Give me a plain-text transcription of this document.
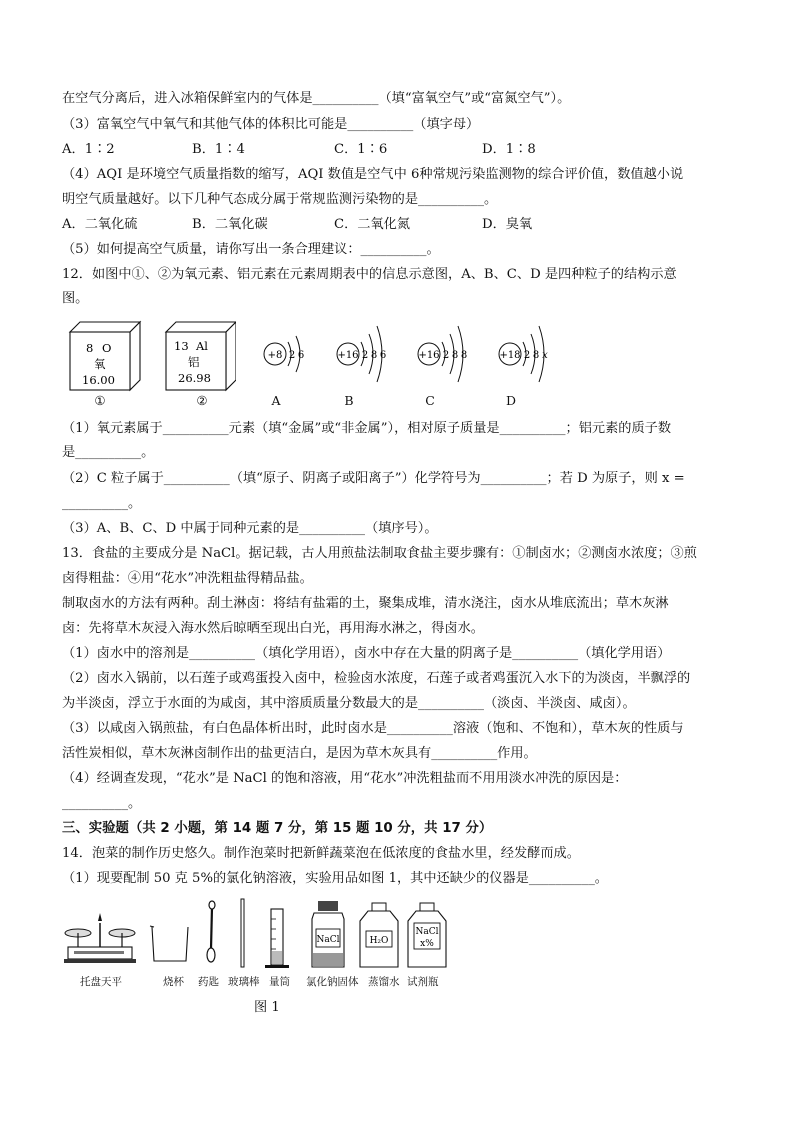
在空气分离后，进入冰箱保鲜室内的气体是__________（填“富氧空气”或“富氮空气”）。
（3）富氧空气中氧气和其他气体的体积比可能是__________（填字母）
A．1∶2	B．1∶4	C．1∶6	D．1∶8
（4）AQI 是环境空气质量指数的缩写，AQI 数值是空气中 6种常规污染监测物的综合评价值，数值越小说
明空气质量越好。以下几种气态成分属于常规监测污染物的是__________。
A．二氧化硫	B．二氧化碳	C．二氧化氮	D．臭氧
（5）如何提高空气质量，请你写出一条合理建议：__________。
12．如图中①、②为氧元素、铝元素在元素周期表中的信息示意图，A、B、C、D 是四种粒子的结构示意
图。
8 O
氧
16.00
13 Al
铝
26.98
①	②
+8 2 6	+16 2 8 6	+16 2 8 8	+18 2 8 x
A	B	C	D
（1）氧元素属于__________元素（填“金属”或“非金属”），相对原子质量是__________；铝元素的质子数
是__________。
（2）C 粒子属于__________（填“原子、阴离子或阳离子”）化学符号为__________；若 D 为原子，则 x =
__________。
（3）A、B、C、D 中属于同种元素的是__________（填序号）。
13．食盐的主要成分是 NaCl。据记载，古人用煎盐法制取食盐主要步骤有：①制卤水；②测卤水浓度；③煎
卤得粗盐：④用“花水”冲洗粗盐得精品盐。
制取卤水的方法有两种。刮土淋卤：将结有盐霜的土，聚集成堆，清水浇注，卤水从堆底流出；草木灰淋
卤：先将草木灰浸入海水然后晾晒至现出白光，再用海水淋之，得卤水。
（1）卤水中的溶剂是__________（填化学用语），卤水中存在大量的阴离子是__________（填化学用语）
（2）卤水入锅前，以石莲子或鸡蛋投入卤中，检验卤水浓度，石莲子或者鸡蛋沉入水下的为淡卤，半飘浮的
为半淡卤，浮立于水面的为咸卤，其中溶质质量分数最大的是__________（淡卤、半淡卤、咸卤）。
（3）以咸卤入锅煎盐，有白色晶体析出时，此时卤水是__________溶液（饱和、不饱和），草木灰的性质与
活性炭相似，草木灰淋卤制作出的盐更洁白，是因为草木灰具有__________作用。
（4）经调查发现，“花水”是 NaCl 的饱和溶液，用“花水”冲洗粗盐而不用用淡水冲洗的原因是：
__________。
三、实验题（共 2 小题，第 14 题 7 分，第 15 题 10 分，共 17 分）
14．泡菜的制作历史悠久。制作泡菜时把新鲜蔬菜泡在低浓度的食盐水里，经发酵而成。
（1）现要配制 50 克 5%的氯化钠溶液，实验用品如图 1，其中还缺少的仪器是__________。
NaCl	H₂O
NaCl
x%
托盘天平	烧杯 药匙 玻璃棒 量筒 氯化钠固体 蒸馏水 试剂瓶
图 1
